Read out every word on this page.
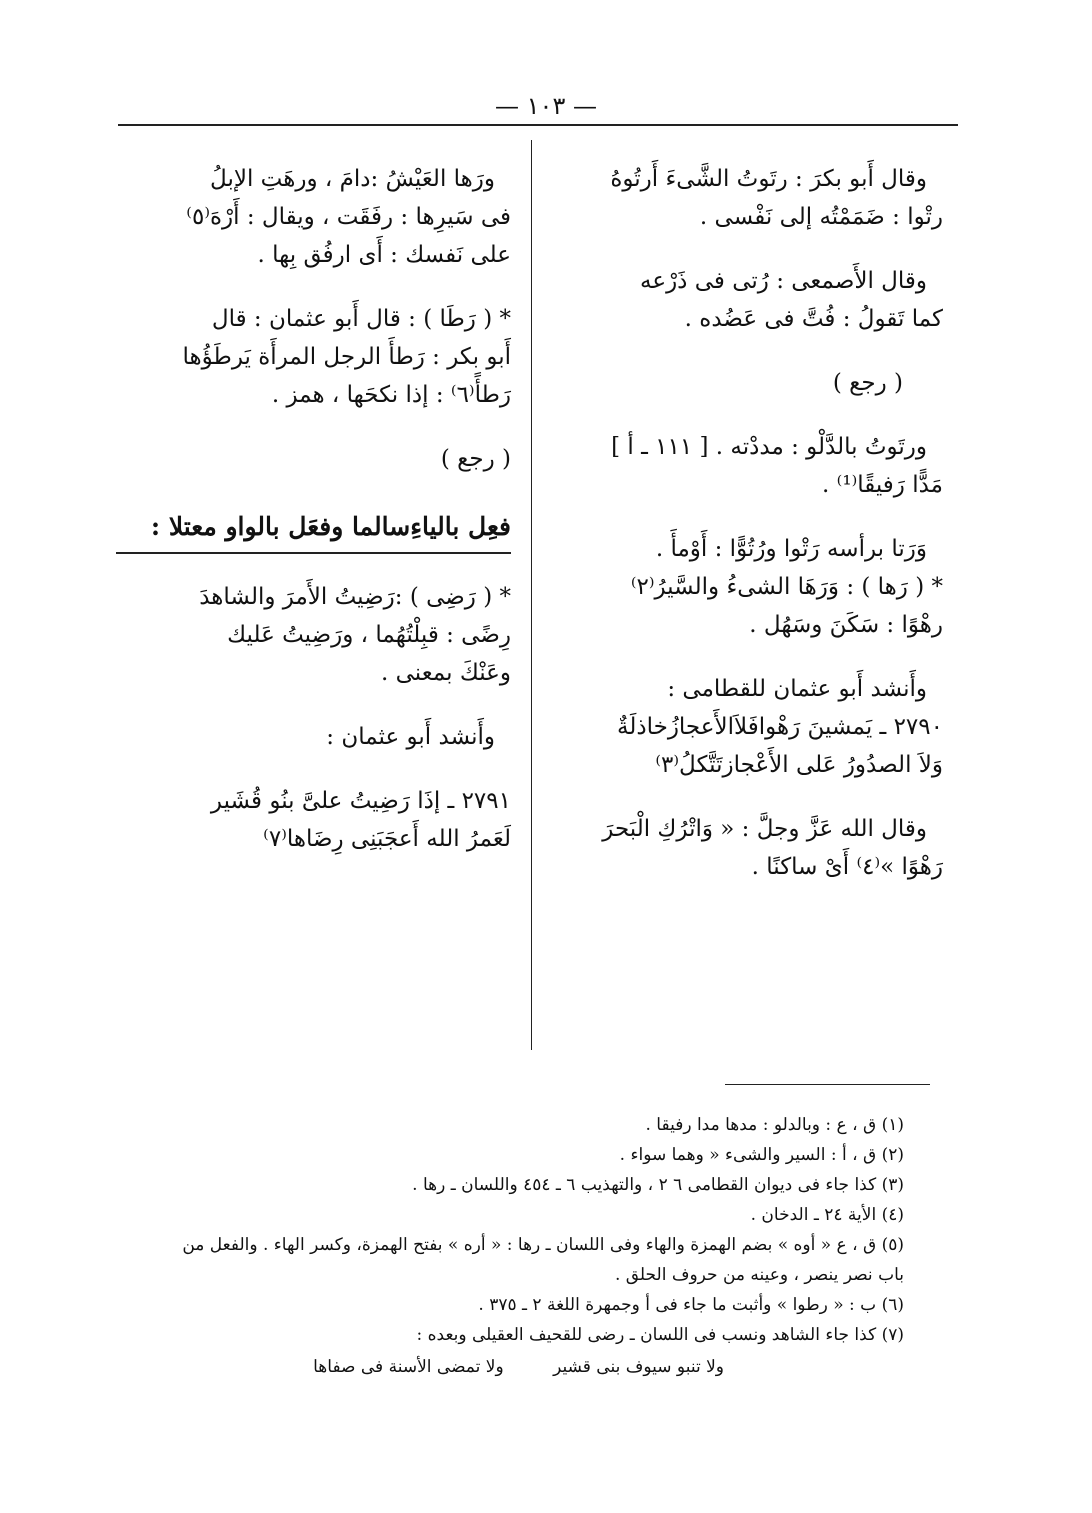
— ١٠٣ —
وقال أَبو بكرَ : رتَوتُ الشَّىءَ أَرتُوهُ
رتْوا : ضَمَمْتُه إلى نَفْسى .
وقال الأَصمعى : رُتى فى ذَرْعه
كما تَقولُ : فُتَّ فى عَضُده .
( رجع )
ورتَوتُ بالدَّلْو : مددْته . [ ١١١ ـ أ ]
مَدًّا رَفيقًا⁽¹⁾ .
وَرَتا برأسه رَتْوا ورُتُوًّا : أَوْمأَ .
* ( رَها ) : وَرَهَا الشىءُ والسَّيرُ⁽٢⁾
رهْوًا : سَكَنَ وسَهُل .
وأَنشد أَبو عثمان للقطامى :
٢٧٩٠ ـ يَمشينَ رَهْوافَلاَالأَعجازُخاذلَةٌ
وَلاَ الصدُورُ عَلى الأَعْجازتَتَّكلُ⁽٣⁾
وقال الله عَزَّ وجلَّ : « وَاتْرُكِ الْبَحرَ
رَهْوًا »⁽٤⁾ أَىْ ساكنًا .
ورَها العَيْشُ :دامَ ، ورهَتِ الإبلُ
فى سَيرِها : رفَقَت ، ويقال : أَرْهَ⁽٥⁾
على نَفسك : أَى ارفُق بِها .
* ( رَطَا ) : قال أَبو عثمان : قال
أَبو بكر : رَطأَ الرجل المرأَة يَرطَؤُها
رَطأً⁽٦⁾ : إذا نكحَها ، همز .
( رجع )
فعِل بالياءِسالما وفعَل بالواو معتلا :
* ( رَضِى ) :رَضِيتُ الأَمرَ والشاهدَ
رِضًى : قبِلْتُهُما ، ورَضِيتُ عَليك
وعَنْكَ بمعنى .
وأَنشد أَبو عثمان :
٢٧٩١ ـ إذَا رَضِيتُ علىَّ بنُو قُشَير
لَعَمرُ الله أَعجَبَنِى رِضَاها⁽٧⁾
(١) ق ، ع : وبالدلو : مدها مدا رفيقا .
(٢) ق ، أ : السير والشىء « وهما سواء .
(٣) كذا جاء فى ديوان القطامى ٦ ٢ ، والتهذيب ٦ ـ ٤٥٤ واللسان ـ رها .
(٤) الأية ٢٤ ـ الدخان .
(٥) ق ، ع « أوه » بضم الهمزة والهاء وفى اللسان ـ رها : « أره » بفتح الهمزة، وكسر الهاء . والفعل من
باب نصر ينصر ، وعينه من حروف الحلق .
(٦) ب : « رطوا » وأثبت ما جاء فى أ وجمهرة اللغة ٢ ـ ٣٧٥ .
(٧) كذا جاء الشاهد ونسب فى اللسان ـ رضى للقحيف العقيلى وبعده :
ولا تنبو سيوف بنى قشير ولا تمضى الأسنة فى صفاها
